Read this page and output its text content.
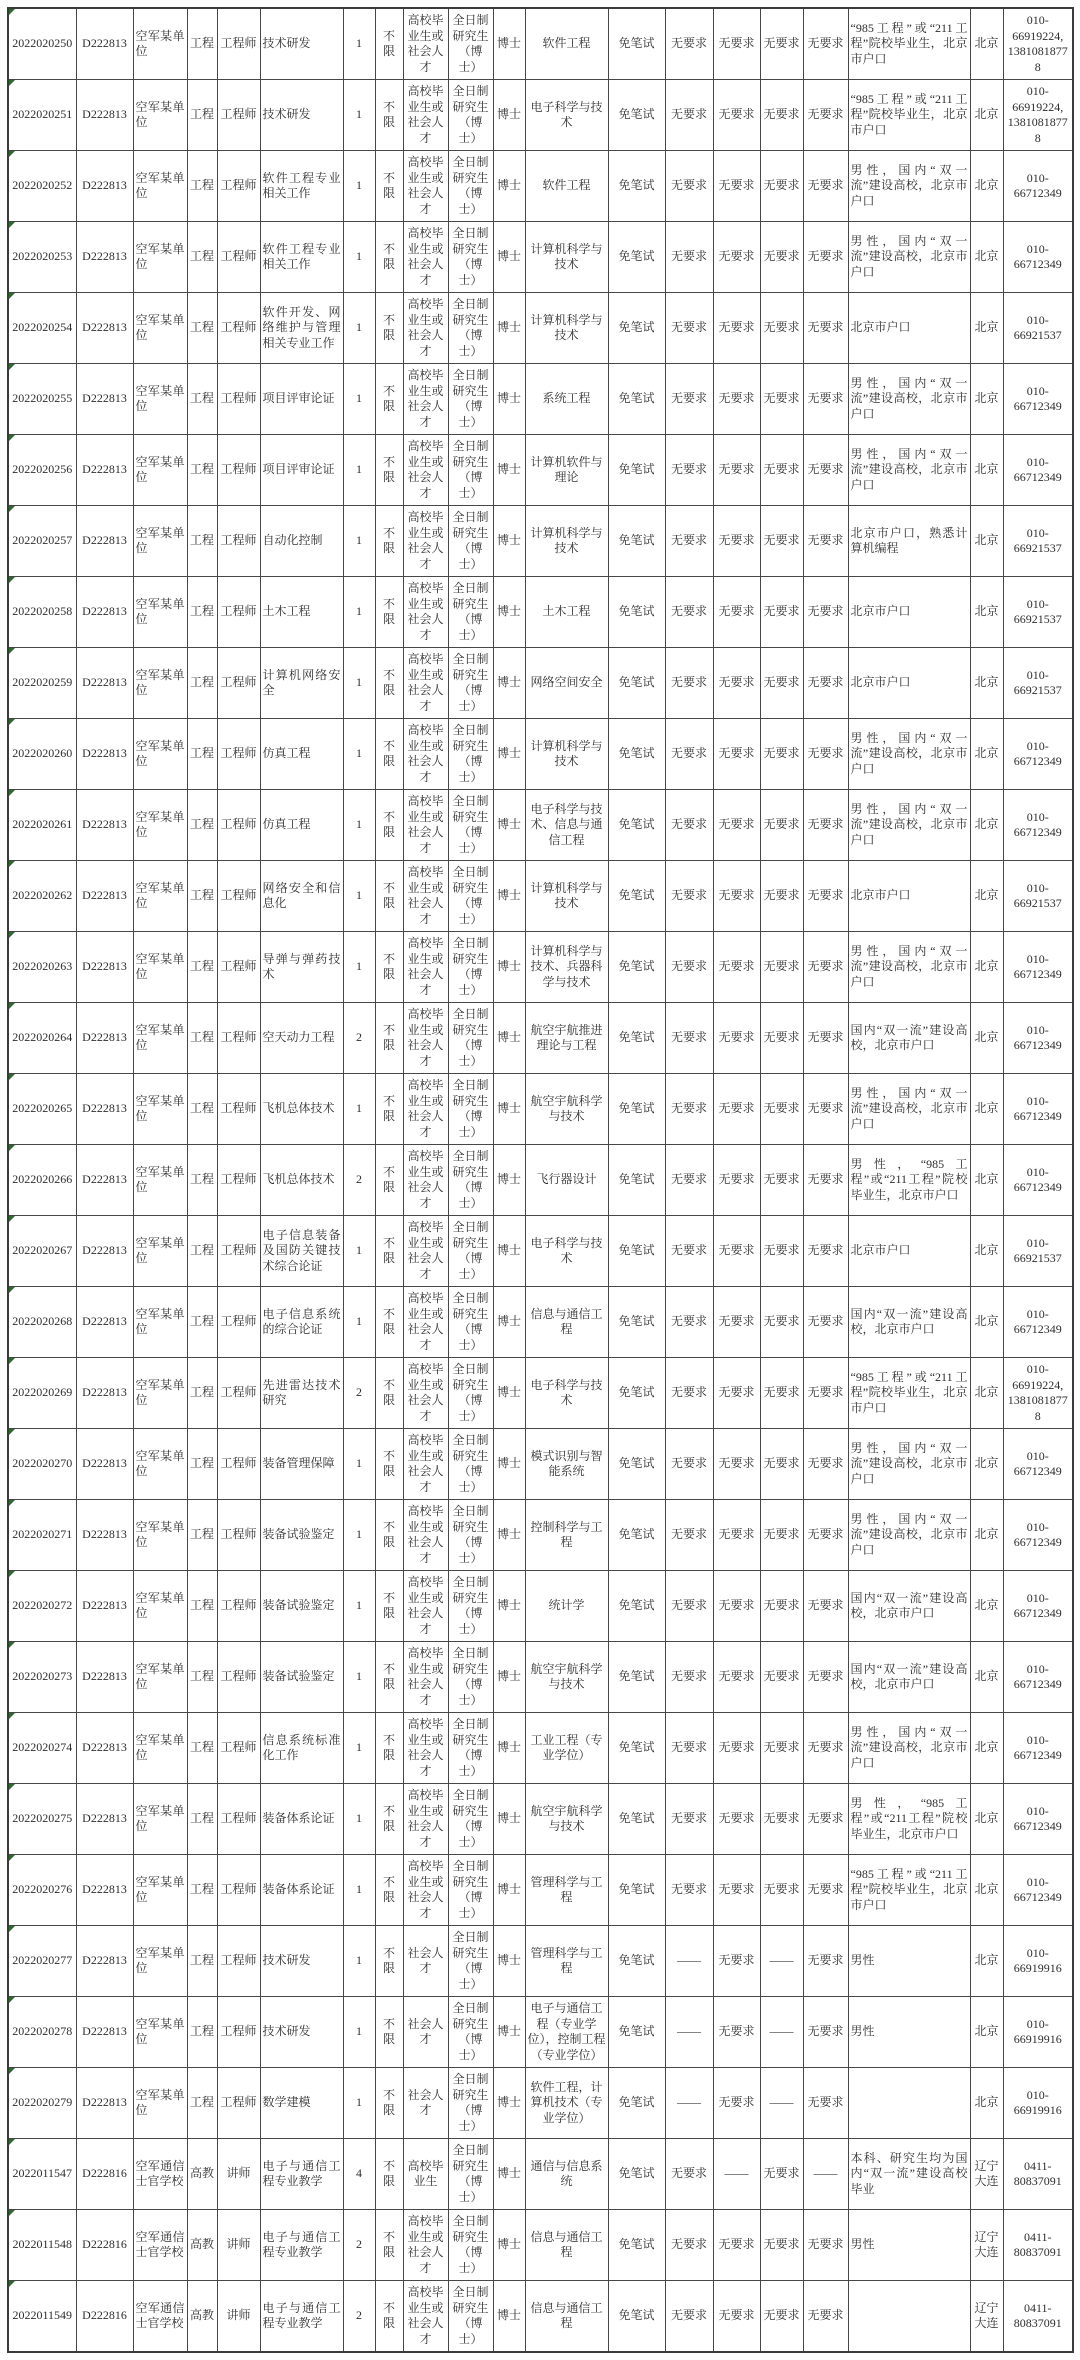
2022020250	D222813	空军某单位	工程	工程师	技术研发	1	不限	高校毕业生或社会人才	全日制研究生（博士）	博士	软件工程	免笔试	无要求	无要求	无要求	无要求	“985工程”或“211工程”院校毕业生，北京市户口	北京	010-66919224,13810818778
2022020251	D222813	空军某单位	工程	工程师	技术研发	1	不限	高校毕业生或社会人才	全日制研究生（博士）	博士	电子科学与技术	免笔试	无要求	无要求	无要求	无要求	“985工程”或“211工程”院校毕业生，北京市户口	北京	010-66919224,13810818778
2022020252	D222813	空军某单位	工程	工程师	软件工程专业相关工作	1	不限	高校毕业生或社会人才	全日制研究生（博士）	博士	软件工程	免笔试	无要求	无要求	无要求	无要求	男性，国内“双一流”建设高校，北京市户口	北京	010-66712349
2022020253	D222813	空军某单位	工程	工程师	软件工程专业相关工作	1	不限	高校毕业生或社会人才	全日制研究生（博士）	博士	计算机科学与技术	免笔试	无要求	无要求	无要求	无要求	男性，国内“双一流”建设高校，北京市户口	北京	010-66712349
2022020254	D222813	空军某单位	工程	工程师	软件开发、网络维护与管理相关专业工作	1	不限	高校毕业生或社会人才	全日制研究生（博士）	博士	计算机科学与技术	免笔试	无要求	无要求	无要求	无要求	北京市户口	北京	010-66921537
2022020255	D222813	空军某单位	工程	工程师	项目评审论证	1	不限	高校毕业生或社会人才	全日制研究生（博士）	博士	系统工程	免笔试	无要求	无要求	无要求	无要求	男性，国内“双一流”建设高校，北京市户口	北京	010-66712349
2022020256	D222813	空军某单位	工程	工程师	项目评审论证	1	不限	高校毕业生或社会人才	全日制研究生（博士）	博士	计算机软件与理论	免笔试	无要求	无要求	无要求	无要求	男性，国内“双一流”建设高校，北京市户口	北京	010-66712349
2022020257	D222813	空军某单位	工程	工程师	自动化控制	1	不限	高校毕业生或社会人才	全日制研究生（博士）	博士	计算机科学与技术	免笔试	无要求	无要求	无要求	无要求	北京市户口，熟悉计算机编程	北京	010-66921537
2022020258	D222813	空军某单位	工程	工程师	土木工程	1	不限	高校毕业生或社会人才	全日制研究生（博士）	博士	土木工程	免笔试	无要求	无要求	无要求	无要求	北京市户口	北京	010-66921537
2022020259	D222813	空军某单位	工程	工程师	计算机网络安全	1	不限	高校毕业生或社会人才	全日制研究生（博士）	博士	网络空间安全	免笔试	无要求	无要求	无要求	无要求	北京市户口	北京	010-66921537
2022020260	D222813	空军某单位	工程	工程师	仿真工程	1	不限	高校毕业生或社会人才	全日制研究生（博士）	博士	计算机科学与技术	免笔试	无要求	无要求	无要求	无要求	男性，国内“双一流”建设高校，北京市户口	北京	010-66712349
2022020261	D222813	空军某单位	工程	工程师	仿真工程	1	不限	高校毕业生或社会人才	全日制研究生（博士）	博士	电子科学与技术、信息与通信工程	免笔试	无要求	无要求	无要求	无要求	男性，国内“双一流”建设高校，北京市户口	北京	010-66712349
2022020262	D222813	空军某单位	工程	工程师	网络安全和信息化	1	不限	高校毕业生或社会人才	全日制研究生（博士）	博士	计算机科学与技术	免笔试	无要求	无要求	无要求	无要求	北京市户口	北京	010-66921537
2022020263	D222813	空军某单位	工程	工程师	导弹与弹药技术	1	不限	高校毕业生或社会人才	全日制研究生（博士）	博士	计算机科学与技术、兵器科学与技术	免笔试	无要求	无要求	无要求	无要求	男性，国内“双一流”建设高校，北京市户口	北京	010-66712349
2022020264	D222813	空军某单位	工程	工程师	空天动力工程	2	不限	高校毕业生或社会人才	全日制研究生（博士）	博士	航空宇航推进理论与工程	免笔试	无要求	无要求	无要求	无要求	国内“双一流”建设高校，北京市户口	北京	010-66712349
2022020265	D222813	空军某单位	工程	工程师	飞机总体技术	1	不限	高校毕业生或社会人才	全日制研究生（博士）	博士	航空宇航科学与技术	免笔试	无要求	无要求	无要求	无要求	男性，国内“双一流”建设高校，北京市户口	北京	010-66712349
2022020266	D222813	空军某单位	工程	工程师	飞机总体技术	2	不限	高校毕业生或社会人才	全日制研究生（博士）	博士	飞行器设计	免笔试	无要求	无要求	无要求	无要求	男性，“985工程”或“211工程”院校毕业生，北京市户口	北京	010-66712349
2022020267	D222813	空军某单位	工程	工程师	电子信息装备及国防关键技术综合论证	1	不限	高校毕业生或社会人才	全日制研究生（博士）	博士	电子科学与技术	免笔试	无要求	无要求	无要求	无要求	北京市户口	北京	010-66921537
2022020268	D222813	空军某单位	工程	工程师	电子信息系统的综合论证	1	不限	高校毕业生或社会人才	全日制研究生（博士）	博士	信息与通信工程	免笔试	无要求	无要求	无要求	无要求	国内“双一流”建设高校，北京市户口	北京	010-66712349
2022020269	D222813	空军某单位	工程	工程师	先进雷达技术研究	2	不限	高校毕业生或社会人才	全日制研究生（博士）	博士	电子科学与技术	免笔试	无要求	无要求	无要求	无要求	“985工程”或“211工程”院校毕业生，北京市户口	北京	010-66919224,13810818778
2022020270	D222813	空军某单位	工程	工程师	装备管理保障	1	不限	高校毕业生或社会人才	全日制研究生（博士）	博士	模式识别与智能系统	免笔试	无要求	无要求	无要求	无要求	男性，国内“双一流”建设高校，北京市户口	北京	010-66712349
2022020271	D222813	空军某单位	工程	工程师	装备试验鉴定	1	不限	高校毕业生或社会人才	全日制研究生（博士）	博士	控制科学与工程	免笔试	无要求	无要求	无要求	无要求	男性，国内“双一流”建设高校，北京市户口	北京	010-66712349
2022020272	D222813	空军某单位	工程	工程师	装备试验鉴定	1	不限	高校毕业生或社会人才	全日制研究生（博士）	博士	统计学	免笔试	无要求	无要求	无要求	无要求	国内“双一流”建设高校，北京市户口	北京	010-66712349
2022020273	D222813	空军某单位	工程	工程师	装备试验鉴定	1	不限	高校毕业生或社会人才	全日制研究生（博士）	博士	航空宇航科学与技术	免笔试	无要求	无要求	无要求	无要求	国内“双一流”建设高校，北京市户口	北京	010-66712349
2022020274	D222813	空军某单位	工程	工程师	信息系统标准化工作	1	不限	高校毕业生或社会人才	全日制研究生（博士）	博士	工业工程（专业学位）	免笔试	无要求	无要求	无要求	无要求	男性，国内“双一流”建设高校，北京市户口	北京	010-66712349
2022020275	D222813	空军某单位	工程	工程师	装备体系论证	1	不限	高校毕业生或社会人才	全日制研究生（博士）	博士	航空宇航科学与技术	免笔试	无要求	无要求	无要求	无要求	男性，“985工程”或“211工程”院校毕业生，北京市户口	北京	010-66712349
2022020276	D222813	空军某单位	工程	工程师	装备体系论证	1	不限	高校毕业生或社会人才	全日制研究生（博士）	博士	管理科学与工程	免笔试	无要求	无要求	无要求	无要求	“985工程”或“211工程”院校毕业生，北京市户口	北京	010-66712349
2022020277	D222813	空军某单位	工程	工程师	技术研发	1	不限	社会人才	全日制研究生（博士）	博士	管理科学与工程	免笔试	——	无要求	——	无要求	男性	北京	010-66919916
2022020278	D222813	空军某单位	工程	工程师	技术研发	1	不限	社会人才	全日制研究生（博士）	博士	电子与通信工程（专业学位），控制工程（专业学位）	免笔试	——	无要求	——	无要求	男性	北京	010-66919916
2022020279	D222813	空军某单位	工程	工程师	数学建模	1	不限	社会人才	全日制研究生（博士）	博士	软件工程，计算机技术（专业学位）	免笔试	——	无要求	——	无要求		北京	010-66919916
2022011547	D222816	空军通信士官学校	高教	讲师	电子与通信工程专业教学	4	不限	高校毕业生	全日制研究生（博士）	博士	通信与信息系统	免笔试	无要求	——	无要求	——	本科、研究生均为国内“双一流”建设高校毕业	辽宁大连	0411-80837091
2022011548	D222816	空军通信士官学校	高教	讲师	电子与通信工程专业教学	2	不限	高校毕业生或社会人才	全日制研究生（博士）	博士	信息与通信工程	免笔试	无要求	无要求	无要求	无要求	男性	辽宁大连	0411-80837091
2022011549	D222816	空军通信士官学校	高教	讲师	电子与通信工程专业教学	2	不限	高校毕业生或社会人才	全日制研究生（博士）	博士	信息与通信工程	免笔试	无要求	无要求	无要求	无要求		辽宁大连	0411-80837091
